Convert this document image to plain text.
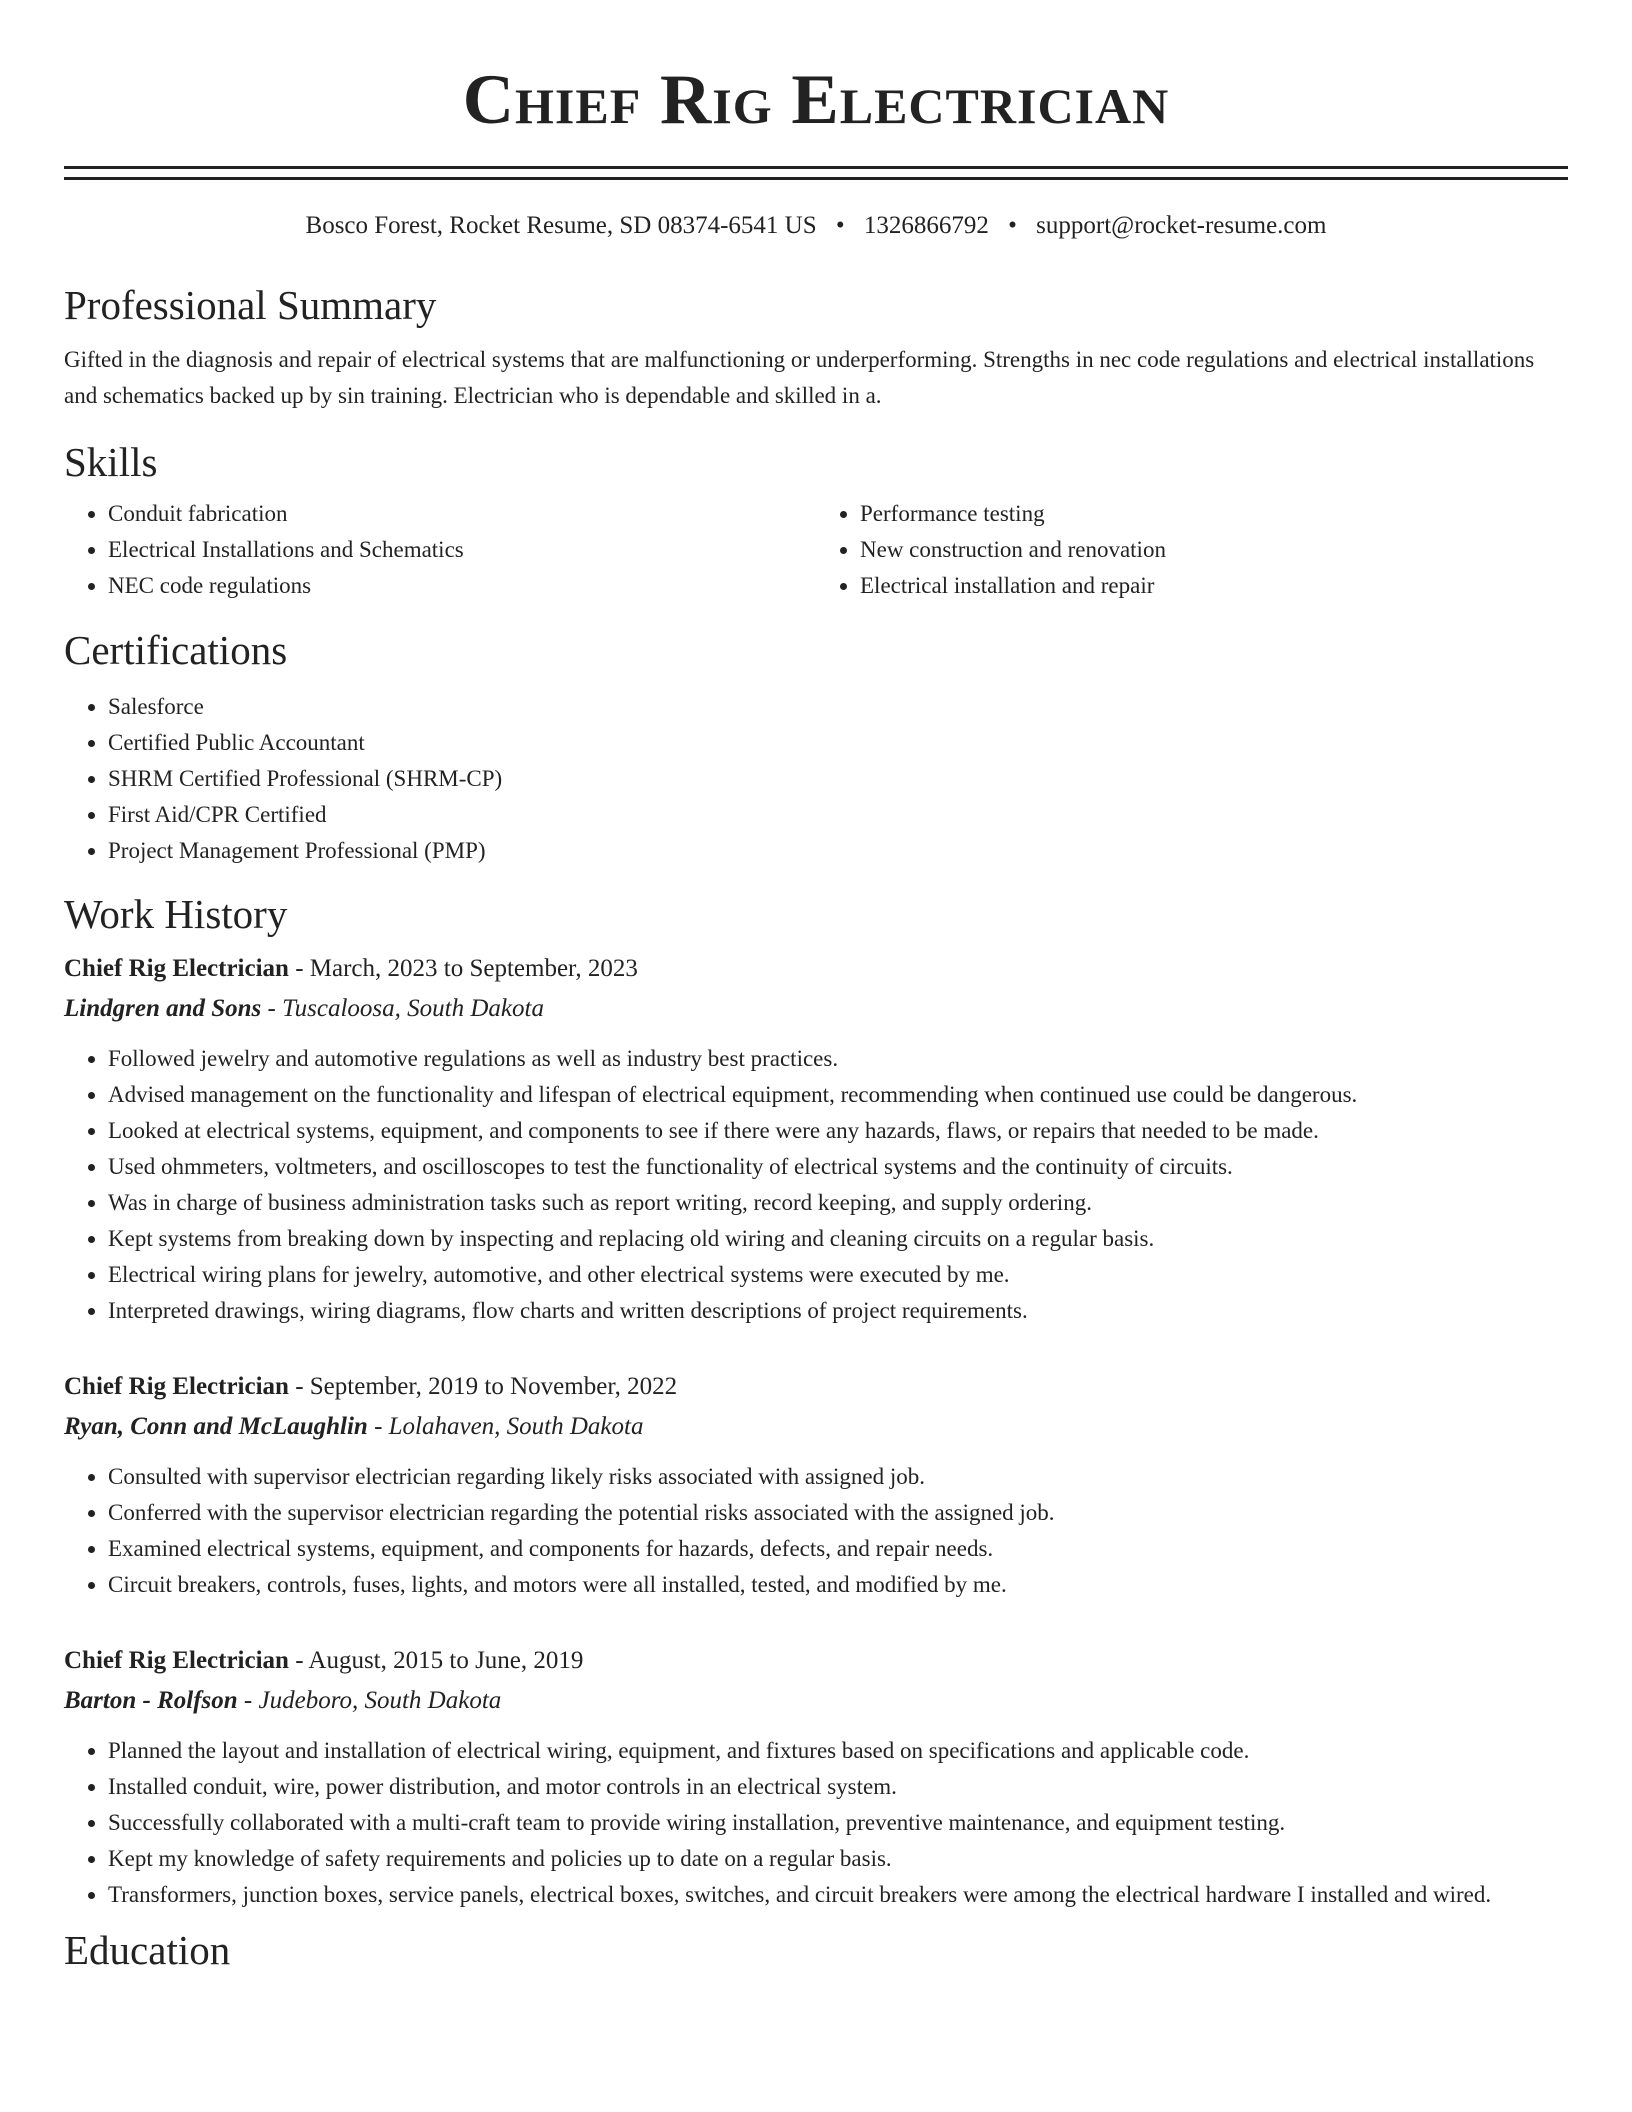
Chief Rig Electrician
Bosco Forest, Rocket Resume, SD 08374-6541 US • 1326866792 • support@rocket-resume.com
Professional Summary
Gifted in the diagnosis and repair of electrical systems that are malfunctioning or underperforming. Strengths in nec code regulations and electrical installations and schematics backed up by sin training. Electrician who is dependable and skilled in a.
Skills
• Conduit fabrication
• Electrical Installations and Schematics
• NEC code regulations
• Performance testing
• New construction and renovation
• Electrical installation and repair
Certifications
• Salesforce
• Certified Public Accountant
• SHRM Certified Professional (SHRM-CP)
• First Aid/CPR Certified
• Project Management Professional (PMP)
Work History
Chief Rig Electrician - March, 2023 to September, 2023
Lindgren and Sons - Tuscaloosa, South Dakota
• Followed jewelry and automotive regulations as well as industry best practices.
• Advised management on the functionality and lifespan of electrical equipment, recommending when continued use could be dangerous.
• Looked at electrical systems, equipment, and components to see if there were any hazards, flaws, or repairs that needed to be made.
• Used ohmmeters, voltmeters, and oscilloscopes to test the functionality of electrical systems and the continuity of circuits.
• Was in charge of business administration tasks such as report writing, record keeping, and supply ordering.
• Kept systems from breaking down by inspecting and replacing old wiring and cleaning circuits on a regular basis.
• Electrical wiring plans for jewelry, automotive, and other electrical systems were executed by me.
• Interpreted drawings, wiring diagrams, flow charts and written descriptions of project requirements.
Chief Rig Electrician - September, 2019 to November, 2022
Ryan, Conn and McLaughlin - Lolahaven, South Dakota
• Consulted with supervisor electrician regarding likely risks associated with assigned job.
• Conferred with the supervisor electrician regarding the potential risks associated with the assigned job.
• Examined electrical systems, equipment, and components for hazards, defects, and repair needs.
• Circuit breakers, controls, fuses, lights, and motors were all installed, tested, and modified by me.
Chief Rig Electrician - August, 2015 to June, 2019
Barton - Rolfson - Judeboro, South Dakota
• Planned the layout and installation of electrical wiring, equipment, and fixtures based on specifications and applicable code.
• Installed conduit, wire, power distribution, and motor controls in an electrical system.
• Successfully collaborated with a multi-craft team to provide wiring installation, preventive maintenance, and equipment testing.
• Kept my knowledge of safety requirements and policies up to date on a regular basis.
• Transformers, junction boxes, service panels, electrical boxes, switches, and circuit breakers were among the electrical hardware I installed and wired.
Education
